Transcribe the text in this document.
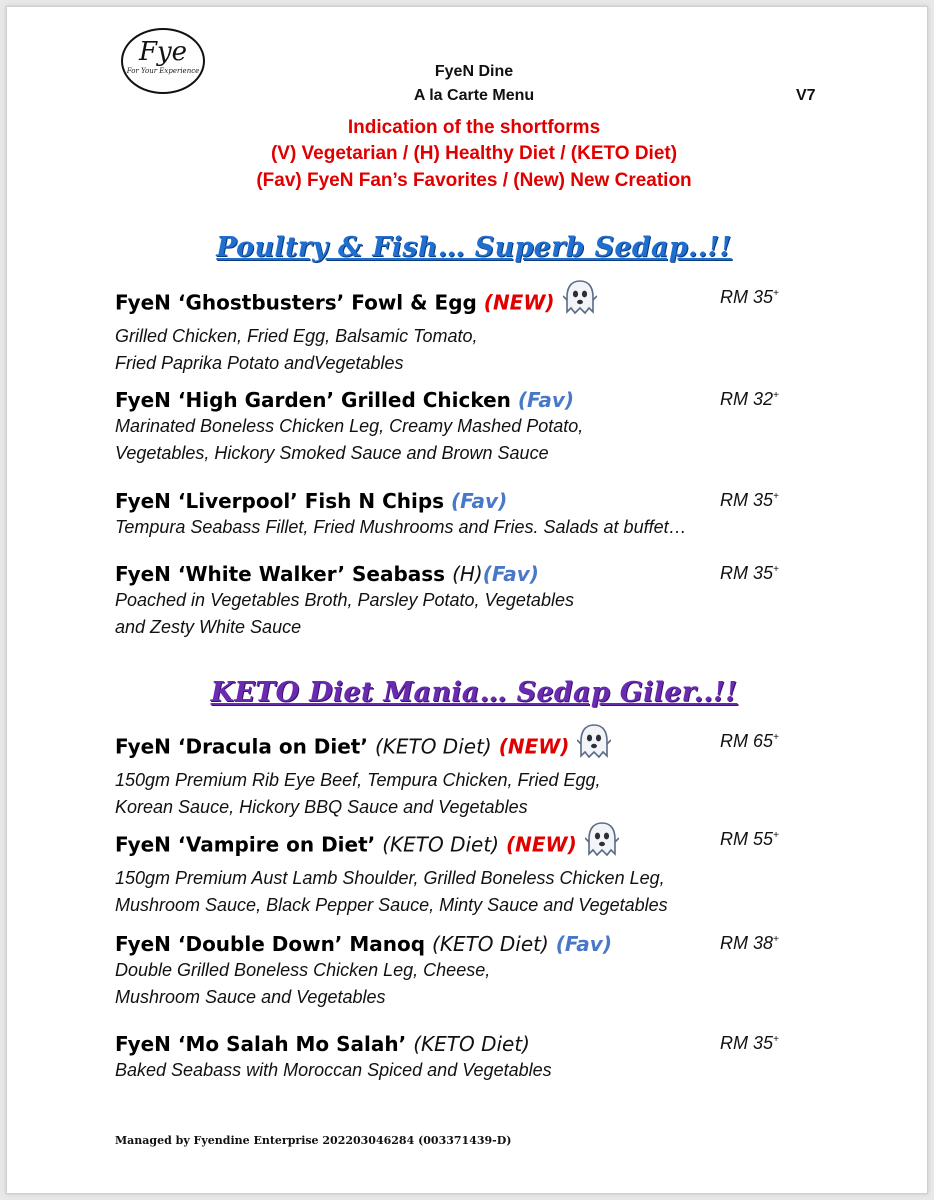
Fye
For Your Experience	FyeN Dine
A la Carte Menu	V7
Indication of the shortforms
(V) Vegetarian / (H) Healthy Diet / (KETO Diet)
(Fav) FyeN Fan’s Favorites / (New) New Creation
Poultry & Fish… Superb Sedap..!!
KETO Diet Mania… Sedap Giler..!!
FyeN ‘Ghostbusters’ Fowl & Egg (NEW)	RM 35+
Grilled Chicken, Fried Egg, Balsamic Tomato,
Fried Paprika Potato andVegetables
FyeN ‘High Garden’ Grilled Chicken (Fav)	RM 32+
Marinated Boneless Chicken Leg, Creamy Mashed Potato,
Vegetables, Hickory Smoked Sauce and Brown Sauce
FyeN ‘Liverpool’ Fish N Chips (Fav)	RM 35+
Tempura Seabass Fillet, Fried Mushrooms and Fries. Salads at buffet…
FyeN ‘White Walker’ Seabass (H)(Fav)	RM 35+
Poached in Vegetables Broth, Parsley Potato, Vegetables
and Zesty White Sauce
FyeN ‘Dracula on Diet’ (KETO Diet) (NEW)	RM 65+
150gm Premium Rib Eye Beef, Tempura Chicken, Fried Egg,
Korean Sauce, Hickory BBQ Sauce and Vegetables
FyeN ‘Vampire on Diet’ (KETO Diet) (NEW)	RM 55+
150gm Premium Aust Lamb Shoulder, Grilled Boneless Chicken Leg,
Mushroom Sauce, Black Pepper Sauce, Minty Sauce and Vegetables
FyeN ‘Double Down’ Manoq (KETO Diet) (Fav)	RM 38+
Double Grilled Boneless Chicken Leg, Cheese,
Mushroom Sauce and Vegetables
FyeN ‘Mo Salah Mo Salah’ (KETO Diet)	RM 35+
Baked Seabass with Moroccan Spiced and Vegetables
Managed by Fyendine Enterprise 202203046284 (003371439-D)
